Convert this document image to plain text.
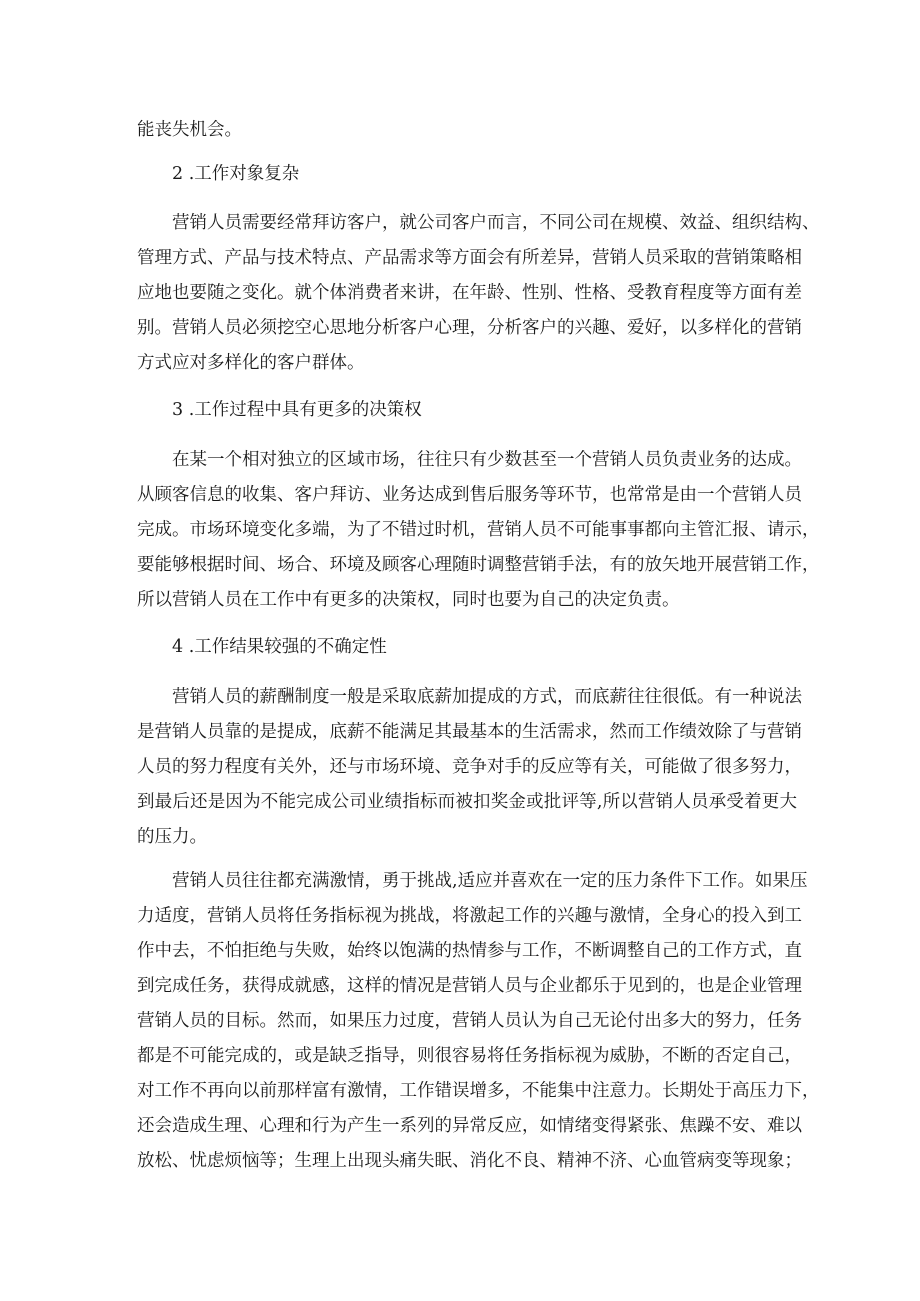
能丧失机会。
2 .工作对象复杂
营销人员需要经常拜访客户，就公司客户而言，不同公司在规模、效益、组织结构、
管理方式、产品与技术特点、产品需求等方面会有所差异，营销人员采取的营销策略相
应地也要随之变化。就个体消费者来讲，在年龄、性别、性格、受教育程度等方面有差
别。营销人员必须挖空心思地分析客户心理，分析客户的兴趣、爱好，以多样化的营销
方式应对多样化的客户群体。
3 .工作过程中具有更多的决策权
在某一个相对独立的区域市场，往往只有少数甚至一个营销人员负责业务的达成。
从顾客信息的收集、客户拜访、业务达成到售后服务等环节，也常常是由一个营销人员
完成。市场环境变化多端，为了不错过时机，营销人员不可能事事都向主管汇报、请示，
要能够根据时间、场合、环境及顾客心理随时调整营销手法，有的放矢地开展营销工作，
所以营销人员在工作中有更多的决策权，同时也要为自己的决定负责。
4 .工作结果较强的不确定性
营销人员的薪酬制度一般是采取底薪加提成的方式，而底薪往往很低。有一种说法
是营销人员靠的是提成，底薪不能满足其最基本的生活需求，然而工作绩效除了与营销
人员的努力程度有关外，还与市场环境、竞争对手的反应等有关，可能做了很多努力，
到最后还是因为不能完成公司业绩指标而被扣奖金或批评等,所以营销人员承受着更大
的压力。
营销人员往往都充满激情，勇于挑战,适应并喜欢在一定的压力条件下工作。如果压
力适度，营销人员将任务指标视为挑战，将激起工作的兴趣与激情，全身心的投入到工
作中去，不怕拒绝与失败，始终以饱满的热情参与工作，不断调整自己的工作方式，直
到完成任务，获得成就感，这样的情况是营销人员与企业都乐于见到的，也是企业管理
营销人员的目标。然而，如果压力过度，营销人员认为自己无论付出多大的努力，任务
都是不可能完成的，或是缺乏指导，则很容易将任务指标视为威胁，不断的否定自己，
对工作不再向以前那样富有激情，工作错误增多，不能集中注意力。长期处于高压力下，
还会造成生理、心理和行为产生一系列的异常反应，如情绪变得紧张、焦躁不安、难以
放松、忧虑烦恼等；生理上出现头痛失眠、消化不良、精神不济、心血管病变等现象；
